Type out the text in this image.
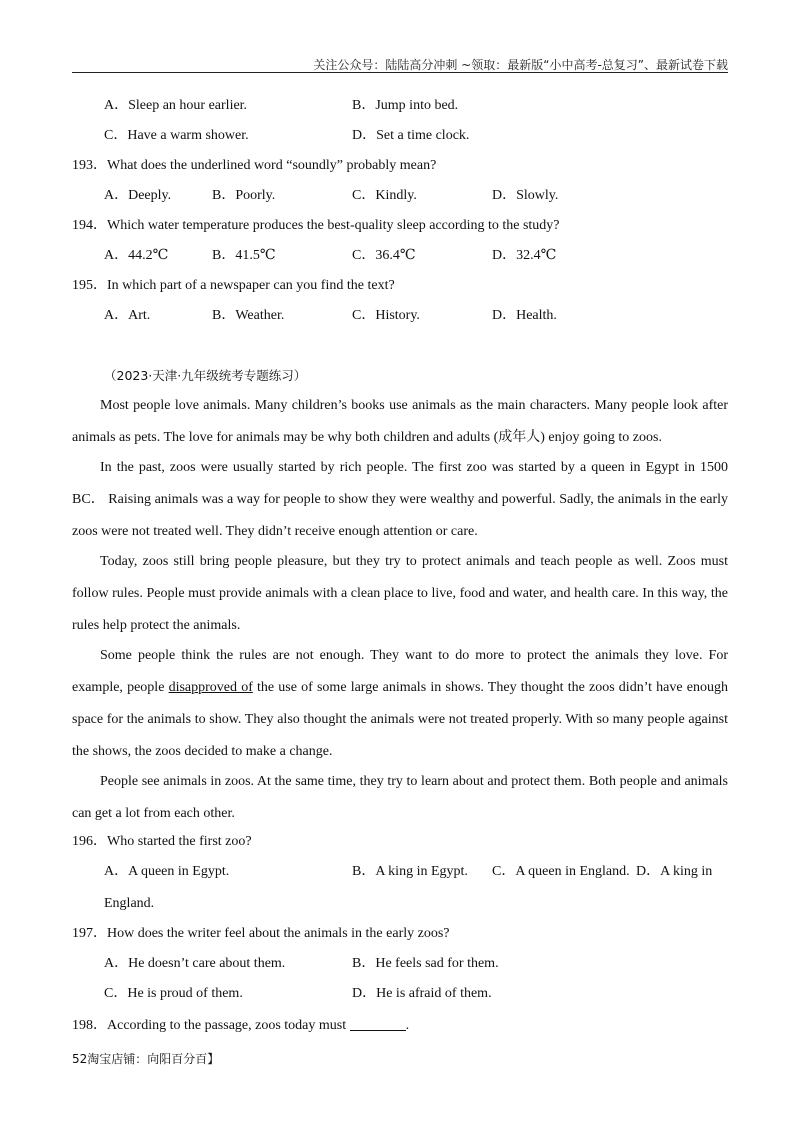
关注公众号：陆陆高分冲刺 ~领取：最新版“小中高考-总复习”、最新试卷下载
A．Sleep an hour earlier.	B．Jump into bed.
C．Have a warm shower.	D．Set a time clock.
193．What does the underlined word “soundly” probably mean?
A．Deeply.	B．Poorly.	C．Kindly.	D．Slowly.
194．Which water temperature produces the best-quality sleep according to the study?
A．44.2℃	B．41.5℃	C．36.4℃	D．32.4℃
195．In which part of a newspaper can you find the text?
A．Art.	B．Weather.	C．History.	D．Health.
（2023·天津·九年级统考专题练习）
Most people love animals. Many children’s books use animals as the main characters. Many people look after animals as pets. The love for animals may be why both children and adults (成年人) enjoy going to zoos.
In the past, zoos were usually started by rich people. The first zoo was started by a queen in Egypt in 1500 BC． Raising animals was a way for people to show they were wealthy and powerful. Sadly, the animals in the early zoos were not treated well. They didn’t receive enough attention or care.
Today, zoos still bring people pleasure, but they try to protect animals and teach people as well. Zoos must follow rules. People must provide animals with a clean place to live, food and water, and health care. In this way, the rules help protect the animals.
Some people think the rules are not enough. They want to do more to protect the animals they love. For example, people disapproved of the use of some large animals in shows. They thought the zoos didn’t have enough space for the animals to show. They also thought the animals were not treated properly. With so many people against the shows, the zoos decided to make a change.
People see animals in zoos. At the same time, they try to learn about and protect them. Both people and animals can get a lot from each other.
196．Who started the first zoo?
A．A queen in Egypt.	B．A king in Egypt. C．A queen in England. D．A king in
England.
197．How does the writer feel about the animals in the early zoos?
A．He doesn’t care about them.	B．He feels sad for them.
C．He is proud of them.	D．He is afraid of them.
198．According to the passage, zoos today must	.
52淘宝店铺：向阳百分百】
